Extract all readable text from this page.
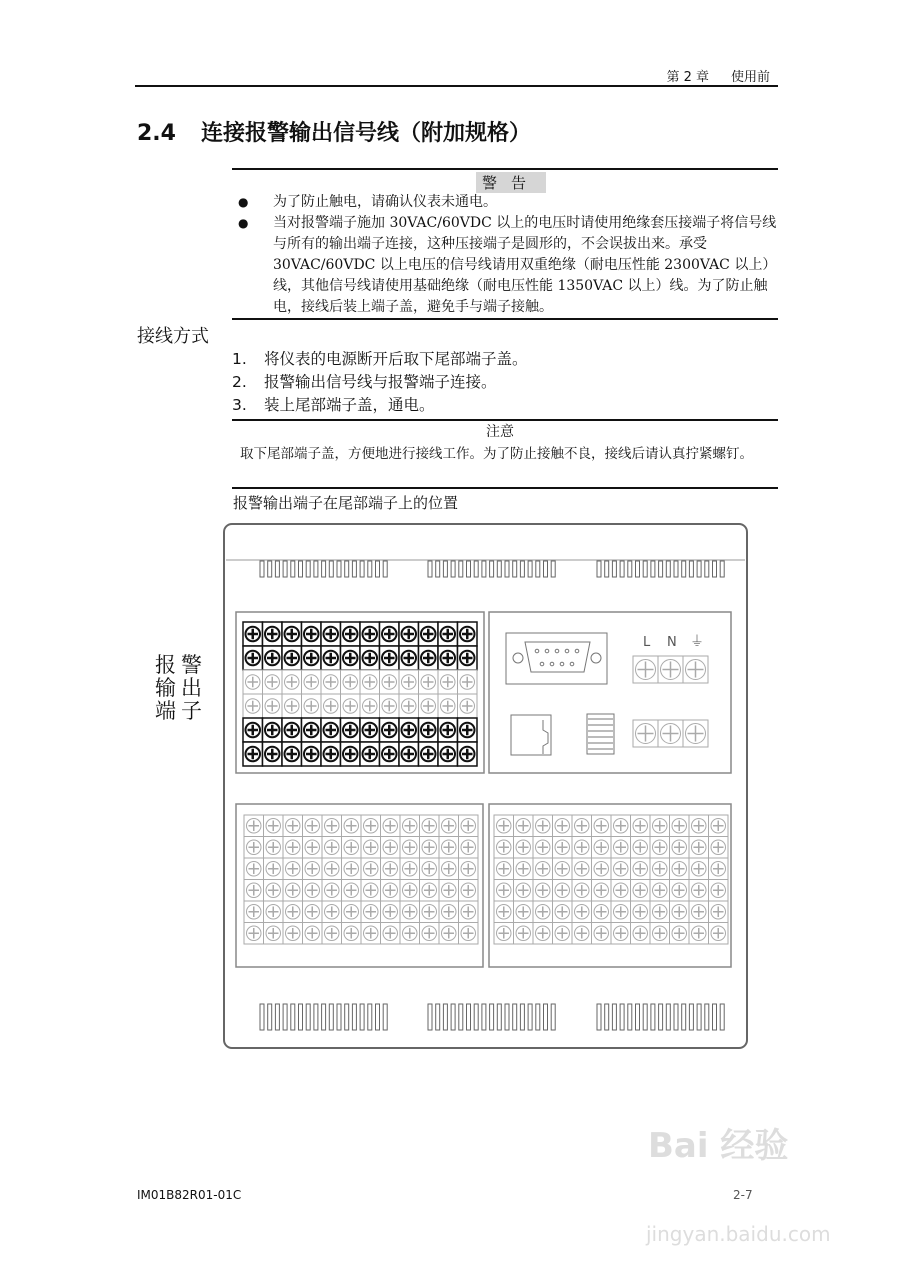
第 2 章 使用前
2.4 连接报警输出信号线（附加规格）
警告
●	为了防止触电，请确认仪表未通电。
●	当对报警端子施加 30VAC/60VDC 以上的电压时请使用绝缘套压接端子将信号线与所有的输出端子连接，这种压接端子是圆形的，不会误拔出来。承受 30VAC/60VDC 以上电压的信号线请用双重绝缘（耐电压性能 2300VAC 以上）线，其他信号线请使用基础绝缘（耐电压性能 1350VAC 以上）线。为了防止触电，接线后装上端子盖，避免手与端子接触。
接线方式
1. 将仪表的电源断开后取下尾部端子盖。
2. 报警输出信号线与报警端子连接。
3. 装上尾部端子盖，通电。
注意
取下尾部端子盖，方便地进行接线工作。为了防止接触不良，接线后请认真拧紧螺钉。
报警输出端子在尾部端子上的位置
报 警
输 出
端 子
L N ⏚
IM01B82R01-01C
Bai 经验
jingyan.baidu.com
2-7
